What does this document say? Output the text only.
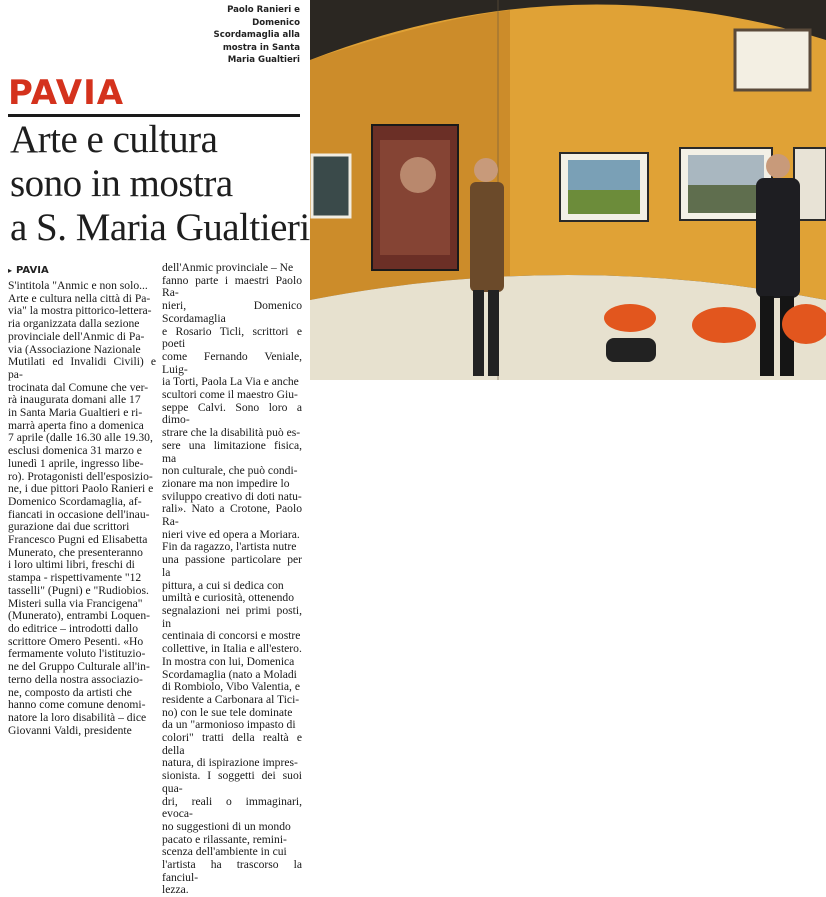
Paolo Ranieri e
Domenico
Scordamaglia alla
mostra in Santa
Maria Gualtieri
PAVIA
Arte e cultura
sono in mostra
a S. Maria Gualtieri
▸ PAVIA
S'intitola "Anmic e non solo...
Arte e cultura nella città di Pa-
via" la mostra pittorico-lettera-
ria organizzata dalla sezione
provinciale dell'Anmic di Pa-
via (Associazione Nazionale
Mutilati ed Invalidi Civili) e pa-
trocinata dal Comune che ver-
rà inaugurata domani alle 17
in Santa Maria Gualtieri e ri-
marrà aperta fino a domenica
7 aprile (dalle 16.30 alle 19.30,
esclusi domenica 31 marzo e
lunedì 1 aprile, ingresso libe-
ro). Protagonisti dell'esposizio-
ne, i due pittori Paolo Ranieri e
Domenico Scordamaglia, af-
fiancati in occasione dell'inau-
gurazione dai due scrittori
Francesco Pugni ed Elisabetta
Munerato, che presenteranno
i loro ultimi libri, freschi di
stampa - rispettivamente "12
tasselli" (Pugni) e "Rudiobios.
Misteri sulla via Francigena"
(Munerato), entrambi Loquen-
do editrice – introdotti dallo
scrittore Omero Pesenti. «Ho
fermamente voluto l'istituzio-
ne del Gruppo Culturale all'in-
terno della nostra associazio-
ne, composto da artisti che
hanno come comune denomi-
natore la loro disabilità – dice
Giovanni Valdi, presidente
dell'Anmic provinciale – Ne
fanno parte i maestri Paolo Ra-
nieri, Domenico Scordamaglia
e Rosario Ticli, scrittori e poeti
come Fernando Veniale, Luig-
ia Torti, Paola La Via e anche
scultori come il maestro Giu-
seppe Calvi. Sono loro a dimo-
strare che la disabilità può es-
sere una limitazione fisica, ma
non culturale, che può condi-
zionare ma non impedire lo
sviluppo creativo di doti natu-
rali». Nato a Crotone, Paolo Ra-
nieri vive ed opera a Moriara.
Fin da ragazzo, l'artista nutre
una passione particolare per la
pittura, a cui si dedica con
umiltà e curiosità, ottenendo
segnalazioni nei primi posti, in
centinaia di concorsi e mostre
collettive, in Italia e all'estero.
In mostra con lui, Domenica
Scordamaglia (nato a Moladi
di Rombiolo, Vibo Valentia, e
residente a Carbonara al Tici-
no) con le sue tele dominate
da un "armonioso impasto di
colori" tratti della realtà e della
natura, di ispirazione impres-
sionista. I soggetti dei suoi qua-
dri, reali o immaginari, evoca-
no suggestioni di un mondo
pacato e rilassante, remini-
scenza dell'ambiente in cui
l'artista ha trascorso la fanciul-
lezza.
